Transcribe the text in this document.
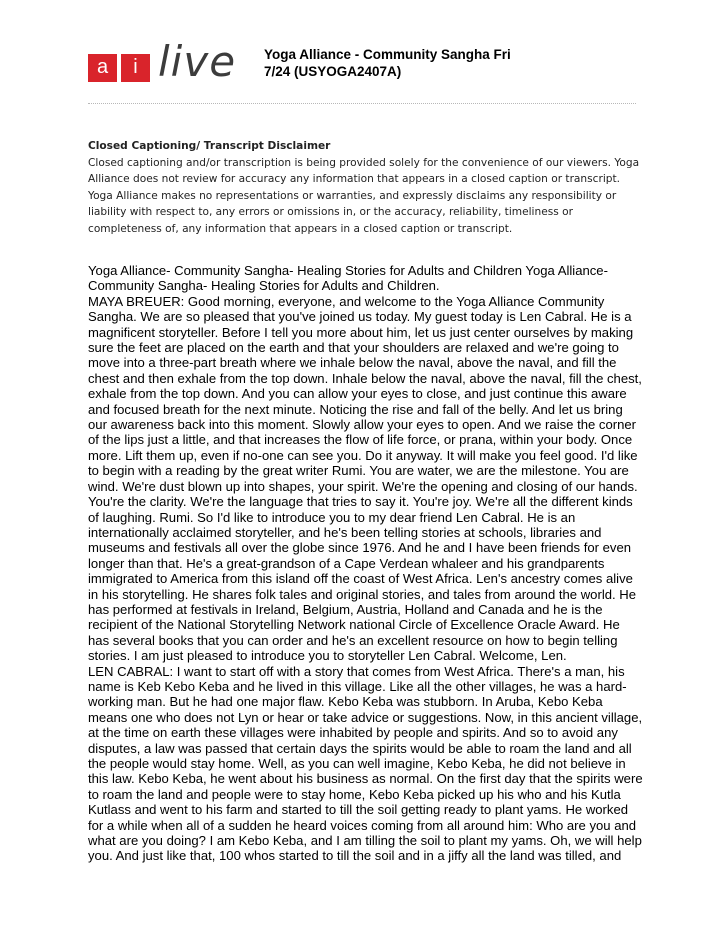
a	i live Yoga Alliance - Community Sangha Fri
7/24 (USYOGA2407A)
Closed Captioning/ Transcript Disclaimer
Closed captioning and/or transcription is being provided solely for the convenience of our viewers. Yoga Alliance does not review for accuracy any information that appears in a closed caption or transcript. Yoga Alliance makes no representations or warranties, and expressly disclaims any responsibility or liability with respect to, any errors or omissions in, or the accuracy, reliability, timeliness or completeness of, any information that appears in a closed caption or transcript.

Yoga Alliance- Community Sangha- Healing Stories for Adults and Children Yoga Alliance- Community Sangha- Healing Stories for Adults and Children.

MAYA BREUER: Good morning, everyone, and welcome to the Yoga Alliance Community Sangha. We are so pleased that you've joined us today. My guest today is Len Cabral. He is a magnificent storyteller. Before I tell you more about him, let us just center ourselves by making sure the feet are placed on the earth and that your shoulders are relaxed and we're going to move into a three-part breath where we inhale below the naval, above the naval, and fill the chest and then exhale from the top down. Inhale below the naval, above the naval, fill the chest, exhale from the top down. And you can allow your eyes to close, and just continue this aware and focused breath for the next minute. Noticing the rise and fall of the belly. And let us bring our awareness back into this moment. Slowly allow your eyes to open. And we raise the corner of the lips just a little, and that increases the flow of life force, or prana, within your body. Once more. Lift them up, even if no-one can see you. Do it anyway. It will make you feel good. I'd like to begin with a reading by the great writer Rumi. You are water, we are the milestone. You are wind. We're dust blown up into shapes, your spirit. We're the opening and closing of our hands. You're the clarity. We're the language that tries to say it. You're joy. We're all the different kinds of laughing. Rumi. So I'd like to introduce you to my dear friend Len Cabral. He is an internationally acclaimed storyteller, and he's been telling stories at schools, libraries and museums and festivals all over the globe since 1976. And he and I have been friends for even longer than that. He's a great-grandson of a Cape Verdean whaleer and his grandparents immigrated to America from this island off the coast of West Africa. Len's ancestry comes alive in his storytelling. He shares folk tales and original stories, and tales from around the world. He has performed at festivals in Ireland, Belgium, Austria, Holland and Canada and he is the recipient of the National Storytelling Network national Circle of Excellence Oracle Award. He has several books that you can order and he's an excellent resource on how to begin telling stories. I am just pleased to introduce you to storyteller Len Cabral. Welcome, Len.

LEN CABRAL: I want to start off with a story that comes from West Africa. There's a man, his name is Keb Kebo Keba and he lived in this village. Like all the other villages, he was a hard-working man. But he had one major flaw. Kebo Keba was stubborn. In Aruba, Kebo Keba means one who does not Lyn or hear or take advice or suggestions. Now, in this ancient village, at the time on earth these villages were inhabited by people and spirits. And so to avoid any disputes, a law was passed that certain days the spirits would be able to roam the land and all the people would stay home. Well, as you can well imagine, Kebo Keba, he did not believe in this law. Kebo Keba, he went about his business as normal. On the first day that the spirits were to roam the land and people were to stay home, Kebo Keba picked up his who and his Kutla Kutlass and went to his farm and started to till the soil getting ready to plant yams. He worked for a while when all of a sudden he heard voices coming from all around him: Who are you and what are you doing? I am Kebo Keba, and I am tilling the soil to plant my yams. Oh, we will help you. And just like that, 100 whos started to till the soil and in a jiffy all the land was tilled, and
